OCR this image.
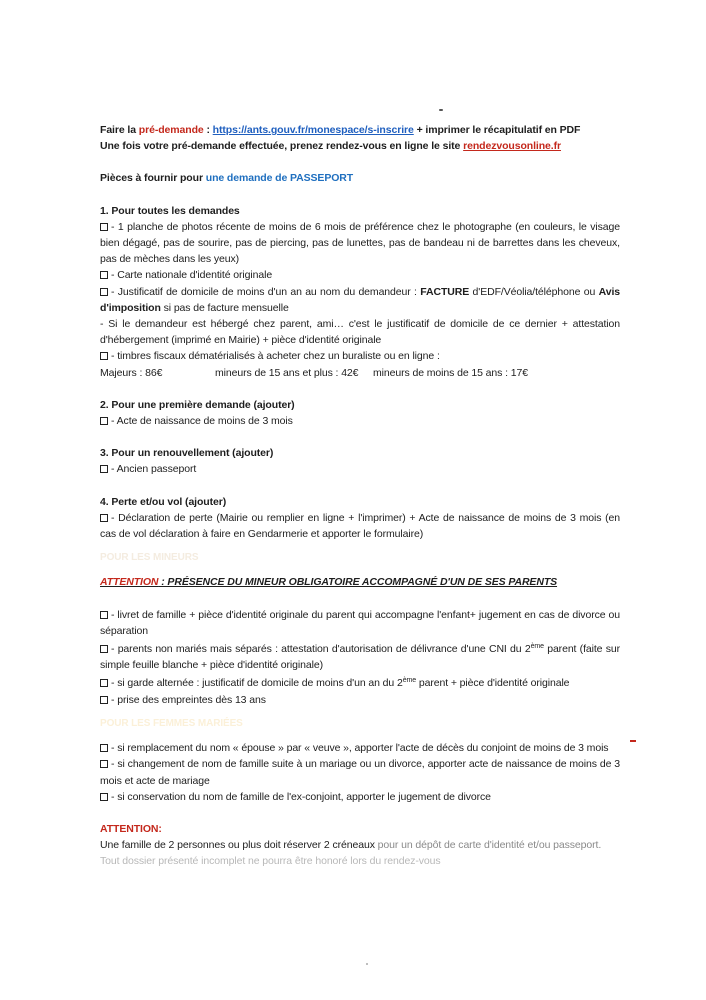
Faire la pré-demande : https://ants.gouv.fr/monespace/s-inscrire + imprimer le récapitulatif en PDF
Une fois votre pré-demande effectuée, prenez rendez-vous en ligne le site rendezvousonline.fr
Pièces à fournir pour une demande de PASSEPORT
1. Pour toutes les demandes
- 1 planche de photos récente de moins de 6 mois de préférence chez le photographe (en couleurs, le visage bien dégagé, pas de sourire, pas de piercing, pas de lunettes, pas de bandeau ni de barrettes dans les cheveux, pas de mèches dans les yeux)
- Carte nationale d'identité originale
- Justificatif de domicile de moins d'un an au nom du demandeur : FACTURE d'EDF/Véolia/téléphone ou Avis d'imposition si pas de facture mensuelle
- Si le demandeur est hébergé chez parent, ami… c'est le justificatif de domicile de ce dernier + attestation d'hébergement (imprimé en Mairie) + pièce d'identité originale
- timbres fiscaux dématérialisés à acheter chez un buraliste ou en ligne :
Majeurs : 86€	mineurs de 15 ans et plus : 42€ mineurs de moins de 15 ans : 17€
2. Pour une première demande (ajouter)
- Acte de naissance de moins de 3 mois
3. Pour un renouvellement (ajouter)
- Ancien passeport
4. Perte et/ou vol (ajouter)
- Déclaration de perte (Mairie ou remplier en ligne + l'imprimer) + Acte de naissance de moins de 3 mois (en cas de vol déclaration à faire en Gendarmerie et apporter le formulaire)
POUR LES MINEURS
ATTENTION : PRÉSENCE DU MINEUR OBLIGATOIRE ACCOMPAGNÉ D'UN DE SES PARENTS
- livret de famille + pièce d'identité originale du parent qui accompagne l'enfant+ jugement en cas de divorce ou séparation
- parents non mariés mais séparés : attestation d'autorisation de délivrance d'une CNI du 2ème parent (faite sur simple feuille blanche + pièce d'identité originale)
- si garde alternée : justificatif de domicile de moins d'un an du 2ème parent + pièce d'identité originale
- prise des empreintes dès 13 ans
POUR LES FEMMES MARIÉES
- si remplacement du nom « épouse » par « veuve », apporter l'acte de décès du conjoint de moins de 3 mois
- si changement de nom de famille suite à un mariage ou un divorce, apporter acte de naissance de moins de 3 mois et acte de mariage
- si conservation du nom de famille de l'ex-conjoint, apporter le jugement de divorce
ATTENTION:
Une famille de 2 personnes ou plus doit réserver 2 créneaux pour un dépôt de carte d'identité et/ou passeport.
Tout dossier présenté incomplet ne pourra être honoré lors du rendez-vous
